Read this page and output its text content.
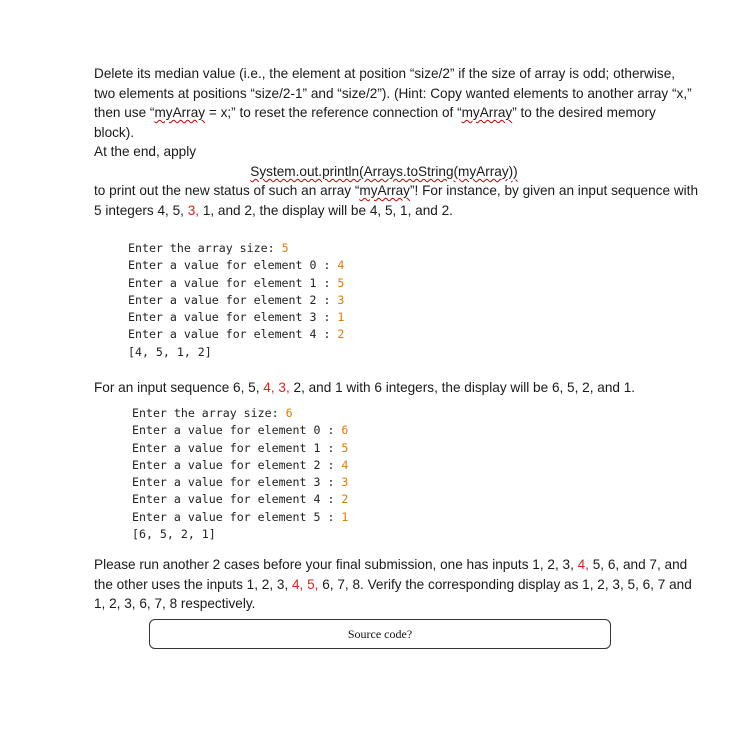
Delete its median value (i.e., the element at position “size/2” if the size of array is odd; otherwise, two elements at positions “size/2-1” and “size/2”). (Hint: Copy wanted elements to another array “x,” then use “myArray = x;” to reset the reference connection of “myArray” to the desired memory block).

At the end, apply

System.out.println(Arrays.toString(myArray))

to print out the new status of such an array “myArray”! For instance, by given an input sequence with 5 integers 4, 5, 3, 1, and 2, the display will be 4, 5, 1, and 2.

Enter the array size: 5
Enter a value for element 0 : 4
Enter a value for element 1 : 5
Enter a value for element 2 : 3
Enter a value for element 3 : 1
Enter a value for element 4 : 2
[4, 5, 1, 2]

For an input sequence 6, 5, 4, 3, 2, and 1 with 6 integers, the display will be 6, 5, 2, and 1.

Enter the array size: 6
Enter a value for element 0 : 6
Enter a value for element 1 : 5
Enter a value for element 2 : 4
Enter a value for element 3 : 3
Enter a value for element 4 : 2
Enter a value for element 5 : 1
[6, 5, 2, 1]

Please run another 2 cases before your final submission, one has inputs 1, 2, 3, 4, 5, 6, and 7, and the other uses the inputs 1, 2, 3, 4, 5, 6, 7, 8. Verify the corresponding display as 1, 2, 3, 5, 6, 7 and 1, 2, 3, 6, 7, 8 respectively.

Source code?
